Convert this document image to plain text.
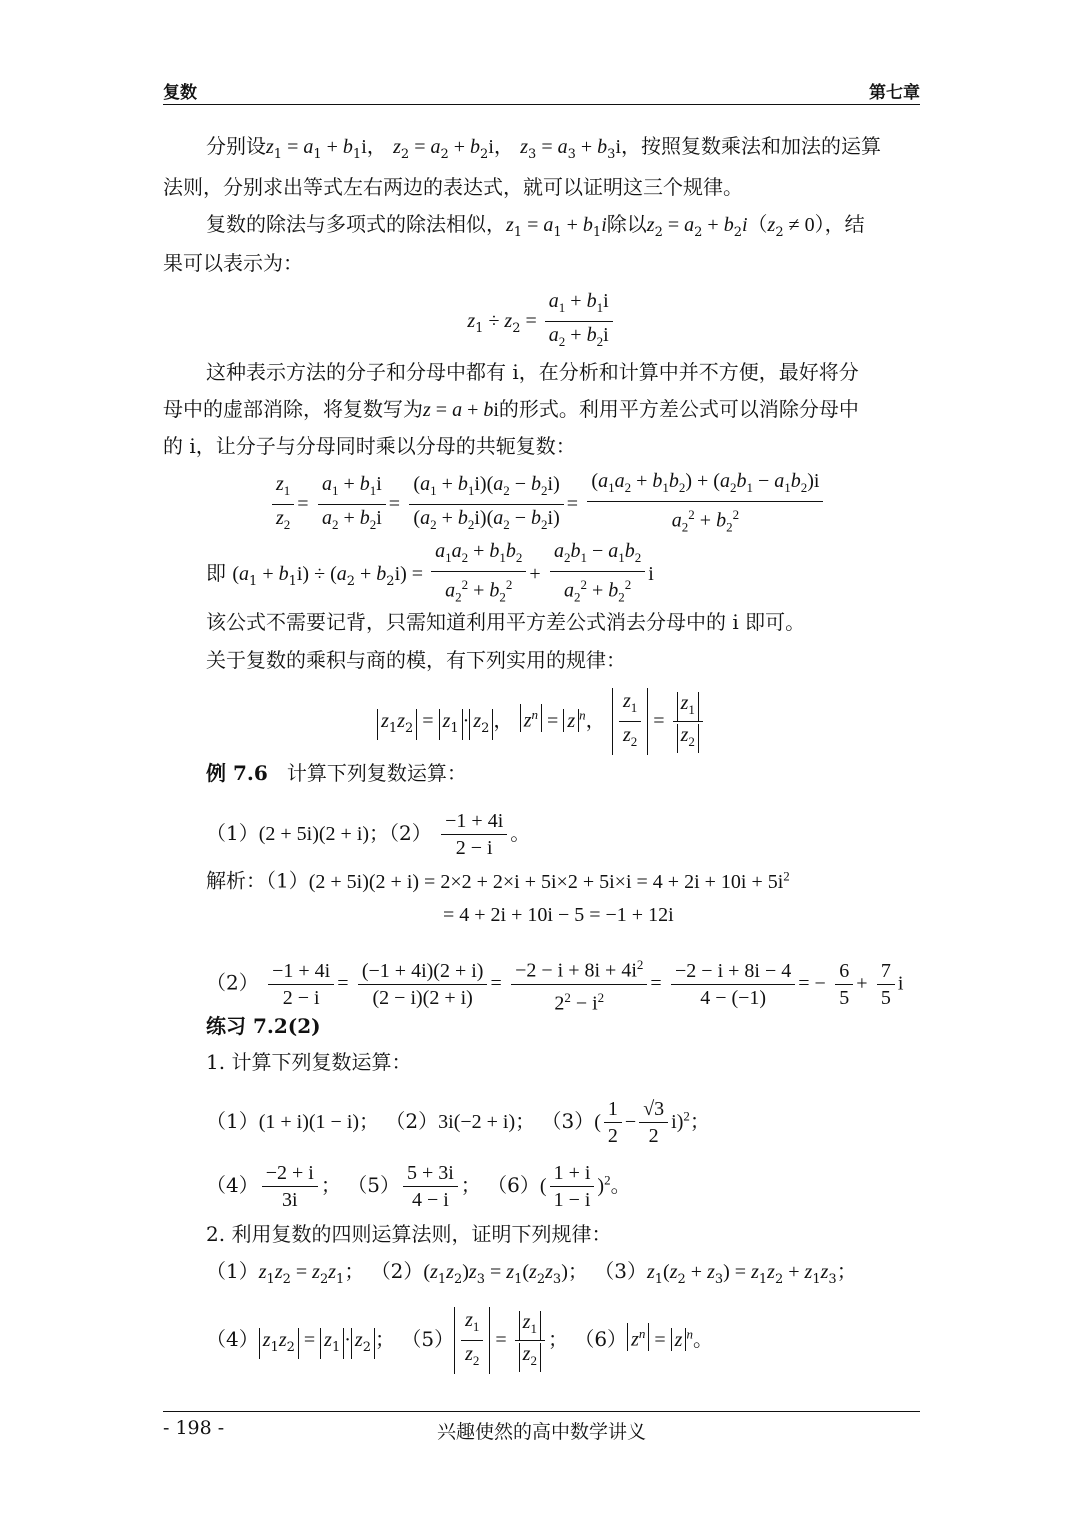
复数	第七章
分别设$z_1 = a_1 + b_1i$， $z_2 = a_2 + b_2i$， $z_3 = a_3 + b_3i$，按照复数乘法和加法的运算
法则，分别求出等式左右两边的表达式，就可以证明这三个规律。
复数的除法与多项式的除法相似，$z_1 = a_1 + b_1i$除以$z_2 = a_2 + b_2i(z_2 \ne 0)$，结
果可以表示为：
$z_1 \div z_2 = \frac{a_1 + b_1i}{a_2 + b_2i}$
这种表示方法的分子和分母中都有 i，在分析和计算中并不方便，最好将分
母中的虚部消除，将复数写为z = a + bi的形式。利用平方差公式可以消除分母中
的 i，让分子与分母同时乘以分母的共轭复数：
$\frac{z_1}{z_2} = \frac{a_1 + b_1i}{a_2 + b_2i} = \frac{(a_1 + b_1i)(a_2 - b_2i)}{(a_2 + b_2i)(a_2 - b_2i)} = \frac{(a_1a_2 + b_1b_2) + (a_2b_1 - a_1b_2)i}{a_2^2 + b_2^2}$
即 $(a_1 + b_1i) \div (a_2 + b_2i) = \frac{a_1a_2 + b_1b_2}{a_2^2 + b_2^2} + \frac{a_2b_1 - a_1b_2}{a_2^2 + b_2^2}$ i
该公式不需要记背，只需知道利用平方差公式消去分母中的 i 即可。
关于复数的乘积与商的模，有下列实用的规律：
$z_1z_2 = z_1 \cdot z_2$ ， $z^n = z$ $^n$， $\frac{z_1}{z_2} = \frac{z_1}{z_2}$
例 7.6 计算下列复数运算：
（1）(2 + 5i)(2 + i)；$(2) \frac{-1 + 4i}{2 - i}$ 。
解析：$(1)(2 + 5i)(2 + i) = 2\times 2 + 2\times i + 5i\times 2 + 5i\times i = 4 + 2i + 10i + 5i^2$
= 4 + 2i + 10i − 5 = −1 + 12i
$(2) \frac{-1 + 4i}{2 - i} = \frac{(-1 + 4i)(2 + i)}{(2 - i)(2 + i)} = \frac{-2 - i + 8i + 4i^2}{2^2 - i^2} = \frac{-2 - i + 8i - 4}{4 - (-1)}$ = − $\frac{6}{5} + \frac{7}{5}$ i
练习 7.2(2)
1. 计算下列复数运算：
（1）(1 + i)(1 − i)； （2）3i(−2 + i)； $(3)( \frac{1}{2} - \frac{√3}{2} i)^2$；
$(4) \frac{-2 + i}{3i}$ ； $(5) \frac{5 + 3i}{4 - i}$ ； $(6)( \frac{1 + i}{1 - i} )^2$。
2. 利用复数的四则运算法则，证明下列规律：
$(1)z_1z_2 = z_2z_1$； $(2)(z_1z_2)z_3 = z_1(z_2z_3)$； $(3)z_1(z_2 + z_3) = z_1z_2 + z_1z_3$；
（4） $z_1z_2 = z_1 \cdot z_2$ ； $(5) \frac{z_1}{z_2} = \frac{z_1}{z_2}$ ； （6） $z^n = z$ $^n$。
- 198 -	兴趣使然的高中数学讲义
